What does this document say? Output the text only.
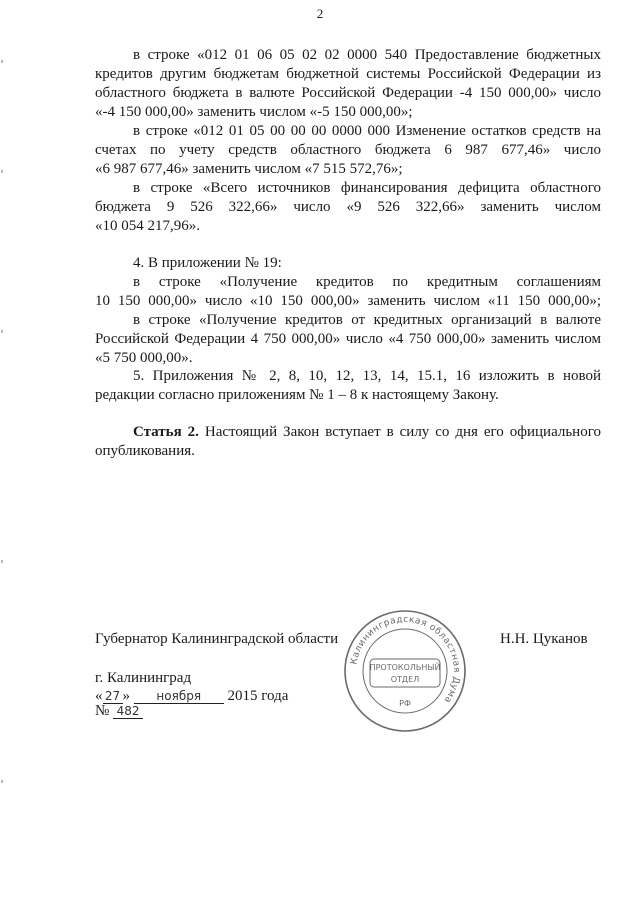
2
в строке «012 01 06 05 02 02 0000 540 Предоставление бюджетных
кредитов другим бюджетам бюджетной системы Российской Федерации из
областного бюджета в валюте Российской Федерации -4 150 000,00» число
«-4 150 000,00» заменить числом «-5 150 000,00»;
в строке «012 01 05 00 00 00 0000 000 Изменение остатков средств на
счетах по учету средств областного бюджета 6 987 677,46» число
«6 987 677,46» заменить числом «7 515 572,76»;
в строке «Всего источников финансирования дефицита областного
бюджета 9 526 322,66» число «9 526 322,66» заменить числом
«10 054 217,96».
4. В приложении № 19:
в строке «Получение кредитов по кредитным соглашениям
10 150 000,00» число «10 150 000,00» заменить числом «11 150 000,00»;
в строке «Получение кредитов от кредитных организаций в валюте
Российской Федерации 4 750 000,00» число «4 750 000,00» заменить числом
«5 750 000,00».
5. Приложения № 2, 8, 10, 12, 13, 14, 15.1, 16 изложить в новой
редакции согласно приложениям № 1 – 8 к настоящему Закону.
Статья 2. Настоящий Закон вступает в силу со дня его официального
опубликования.
Губернатор Калининградской области	Н.Н. Цуканов
г. Калининград
« 27 » ноября 2015 года
№ 482
Калининградская областная Дума
ПРОТОКОЛЬНЫЙ
ОТДЕЛ
РФ
